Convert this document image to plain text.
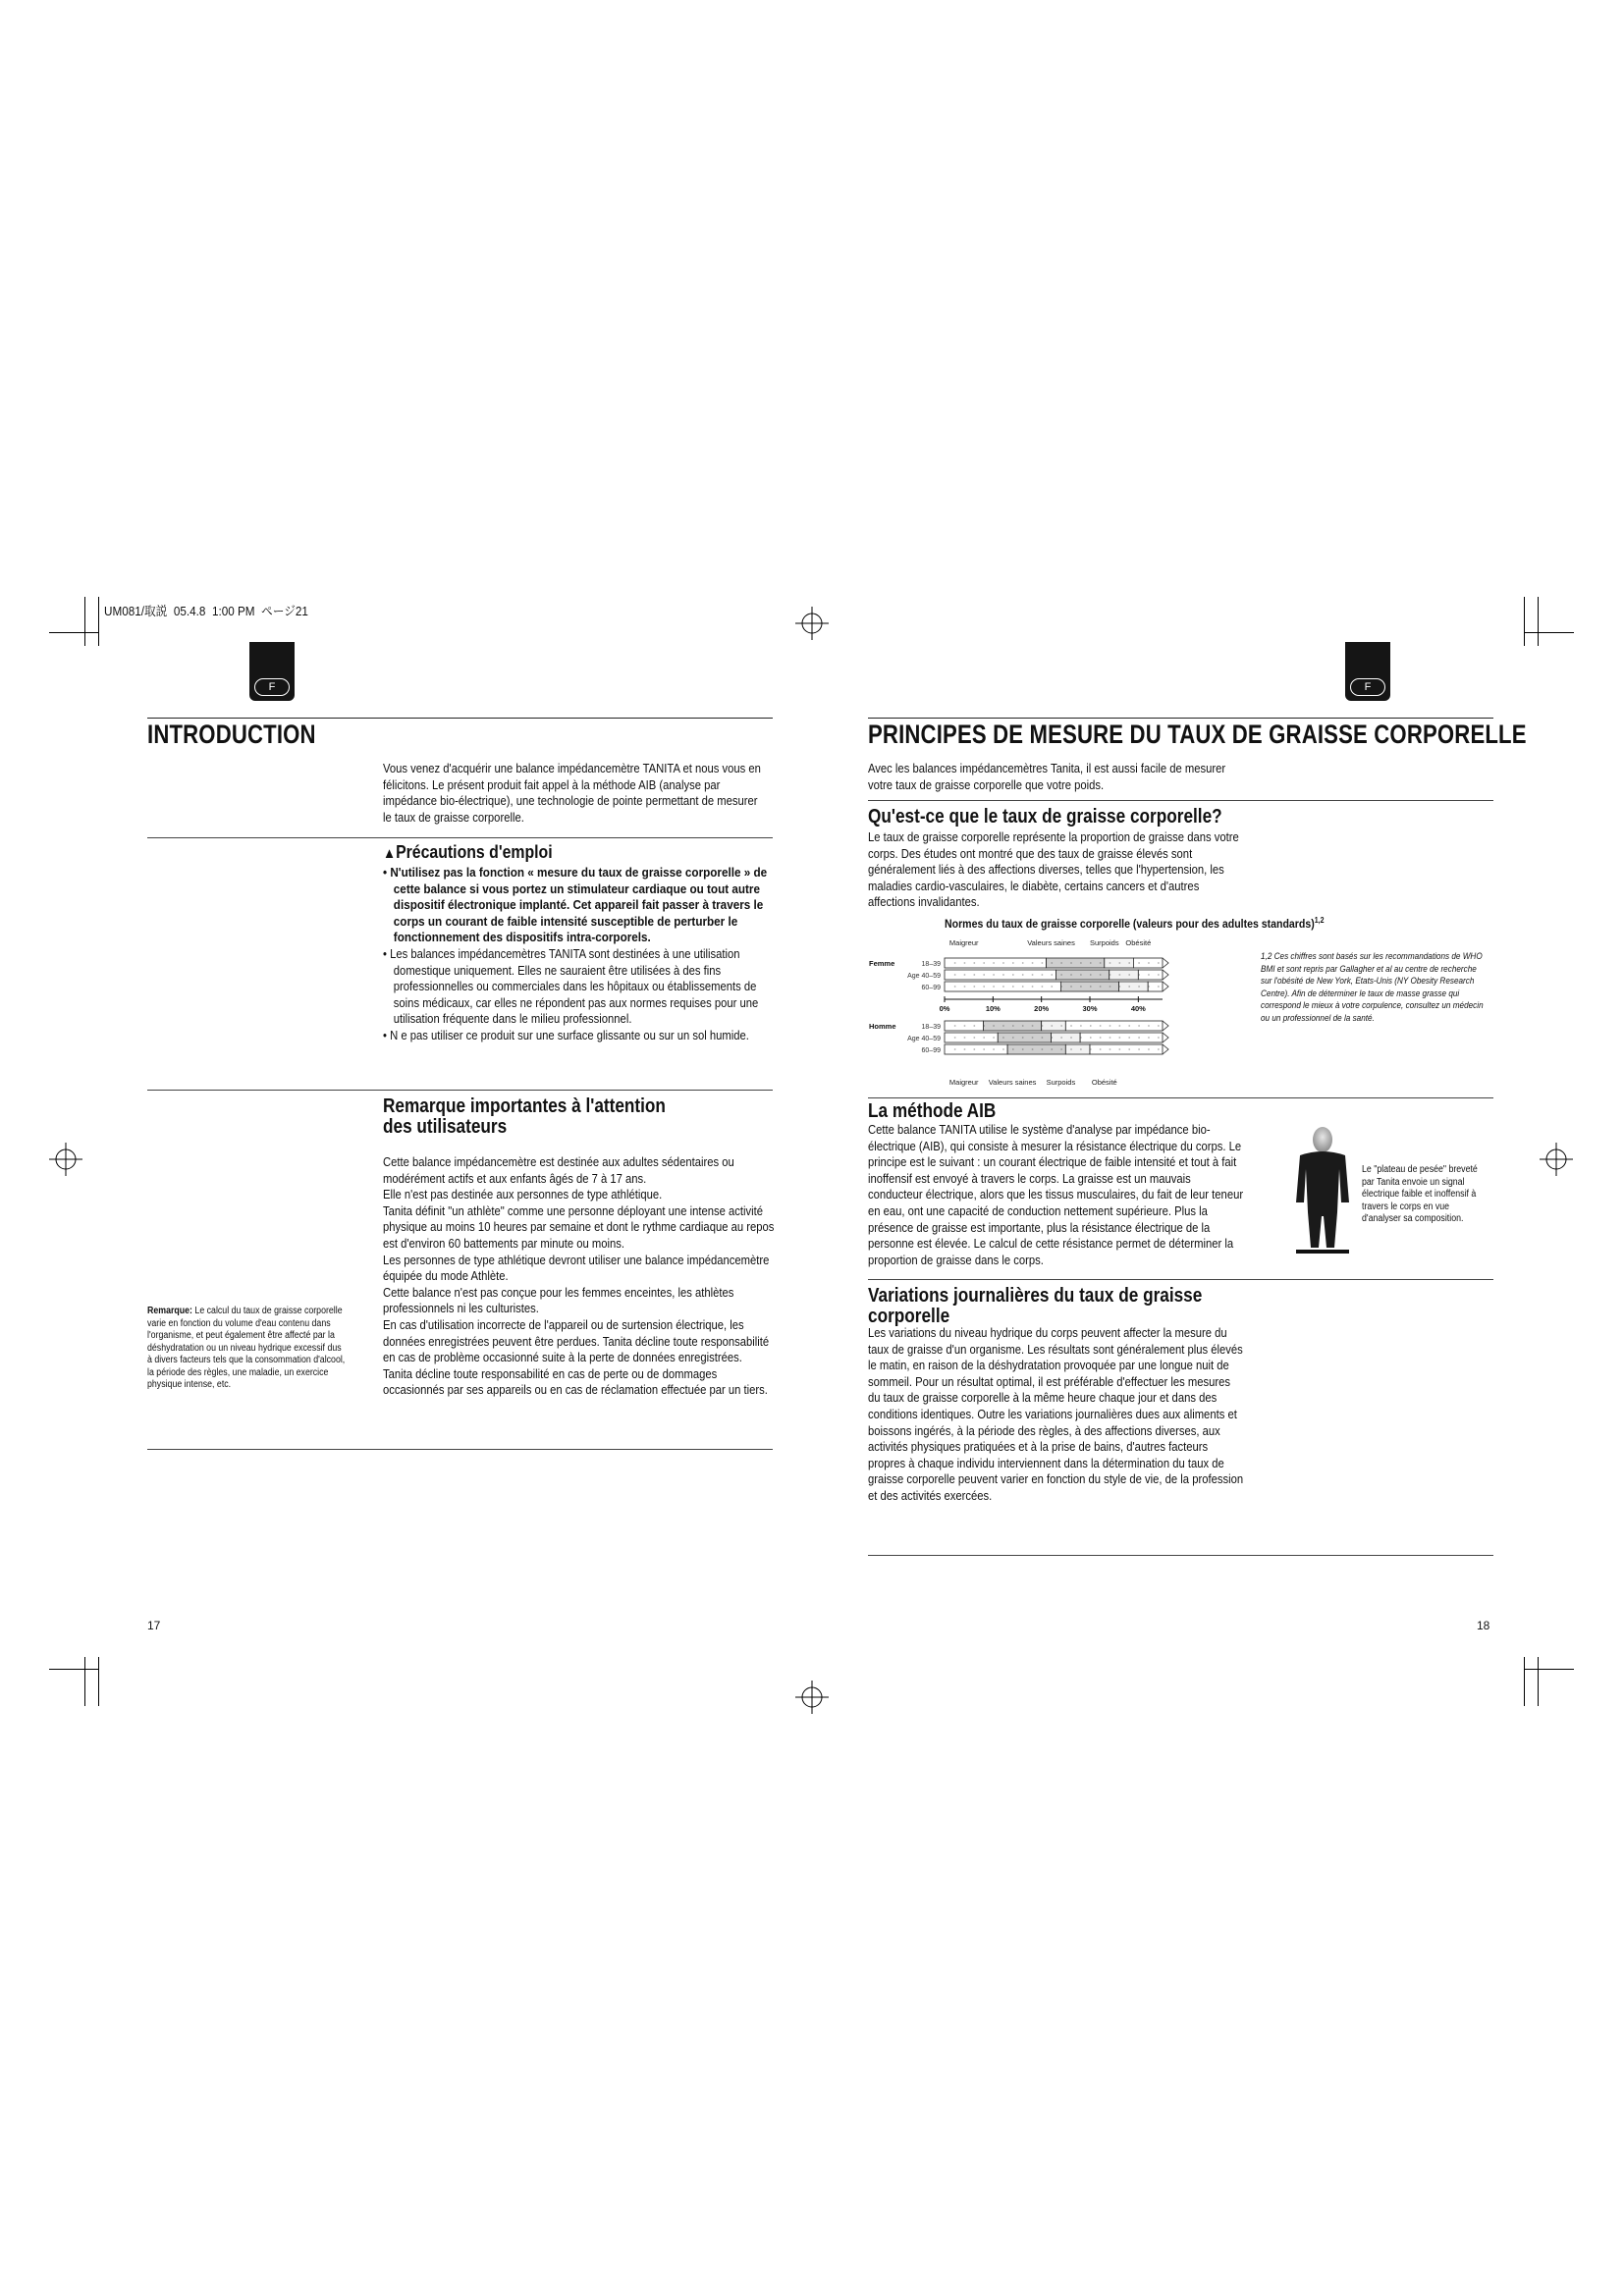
UM081/取説 05.4.8 1:00 PM ページ21
F
INTRODUCTION
Vous venez d'acquérir une balance impédancemètre TANITA et nous vous en félicitons. Le présent produit fait appel à la méthode AIB (analyse par impédance bio-électrique), une technologie de pointe permettant de mesurer le taux de graisse corporelle.
▲Précautions d'emploi

• N'utilisez pas la fonction « mesure du taux de graisse corporelle » de cette balance si vous portez un stimulateur cardiaque ou tout autre dispositif électronique implanté. Cet appareil fait passer à travers le corps un courant de faible intensité susceptible de perturber le fonctionnement des dispositifs intra-corporels.

• Les balances impédancemètres TANITA sont destinées à une utilisation domestique uniquement. Elles ne sauraient être utilisées à des fins professionnelles ou commerciales dans les hôpitaux ou établissements de soins médicaux, car elles ne répondent pas aux normes requises pour une utilisation fréquente dans le milieu professionnel.

• N e pas utiliser ce produit sur une surface glissante ou sur un sol humide.

Remarque importantes à l'attention des utilisateurs

Cette balance impédancemètre est destinée aux adultes sédentaires ou modérément actifs et aux enfants âgés de 7 à 17 ans.

Elle n'est pas destinée aux personnes de type athlétique.

Tanita définit "un athlète" comme une personne déployant une intense activité physique au moins 10 heures par semaine et dont le rythme cardiaque au repos est d'environ 60 battements par minute ou moins.

Les personnes de type athlétique devront utiliser une balance impédancemètre équipée du mode Athlète.

Cette balance n'est pas conçue pour les femmes enceintes, les athlètes professionnels ni les culturistes.

En cas d'utilisation incorrecte de l'appareil ou de surtension électrique, les données enregistrées peuvent être perdues. Tanita décline toute responsabilité en cas de problème occasionné suite à la perte de données enregistrées.

Tanita décline toute responsabilité en cas de perte ou de dommages occasionnés par ses appareils ou en cas de réclamation effectuée par un tiers.

Remarque: Le calcul du taux de graisse corporelle varie en fonction du volume d'eau contenu dans l'organisme, et peut également être affecté par la déshydratation ou un niveau hydrique excessif dus à divers facteurs tels que la consommation d'alcool, la période des règles, une maladie, un exercice physique intense, etc.
17
F
PRINCIPES DE MESURE DU TAUX DE GRAISSE CORPORELLE
Avec les balances impédancemètres Tanita, il est aussi facile de mesurer votre taux de graisse corporelle que votre poids.
Qu'est-ce que le taux de graisse corporelle?
Le taux de graisse corporelle représente la proportion de graisse dans votre corps. Des études ont montré que des taux de graisse élevés sont généralement liés à des affections diverses, telles que l'hypertension, les maladies cardio-vasculaires, le diabète, certains cancers et d'autres affections invalidantes.
Normes du taux de graisse corporelle (valeurs pour des adultes standards)$^{1,2}$
Maigreur	Valeurs saines Surpoids Obésité
Femme	18–39
Age 40–59
60–99
Homme	18–39
Age 40–59
60–99
0%	10%	20%	30%	40%
Maigreur Valeurs saines Surpoids Obésité
1,2 Ces chiffres sont basés sur les recommandations de WHO BMI et sont repris par Gallagher et al au centre de recherche sur l'obésité de New York, Etats-Unis (NY Obesity Research Centre). Afin de déterminer le taux de masse grasse qui correspond le mieux à votre corpulence, consultez un médecin ou un professionnel de la santé.
La méthode AIB
Cette balance TANITA utilise le système d'analyse par impédance bio-électrique (AIB), qui consiste à mesurer la résistance électrique du corps. Le principe est le suivant : un courant électrique de faible intensité et tout à fait inoffensif est envoyé à travers le corps. La graisse est un mauvais conducteur électrique, alors que les tissus musculaires, du fait de leur teneur en eau, ont une capacité de conduction nettement supérieure. Plus la présence de graisse est importante, plus la résistance électrique de la personne est élevée. Le calcul de cette résistance permet de déterminer la proportion de graisse dans le corps.
Le "plateau de pesée" breveté par Tanita envoie un signal électrique faible et inoffensif à travers le corps en vue d'analyser sa composition.
Variations journalières du taux de graisse corporelle
Les variations du niveau hydrique du corps peuvent affecter la mesure du taux de graisse d'un organisme. Les résultats sont généralement plus élevés le matin, en raison de la déshydratation provoquée par une longue nuit de sommeil. Pour un résultat optimal, il est préférable d'effectuer les mesures du taux de graisse corporelle à la même heure chaque jour et dans des conditions identiques. Outre les variations journalières dues aux aliments et boissons ingérés, à la période des règles, à des affections diverses, aux activités physiques pratiquées et à la prise de bains, d'autres facteurs propres à chaque individu interviennent dans la détermination du taux de graisse corporelle peuvent varier en fonction du style de vie, de la profession et des activités exercées.
18
